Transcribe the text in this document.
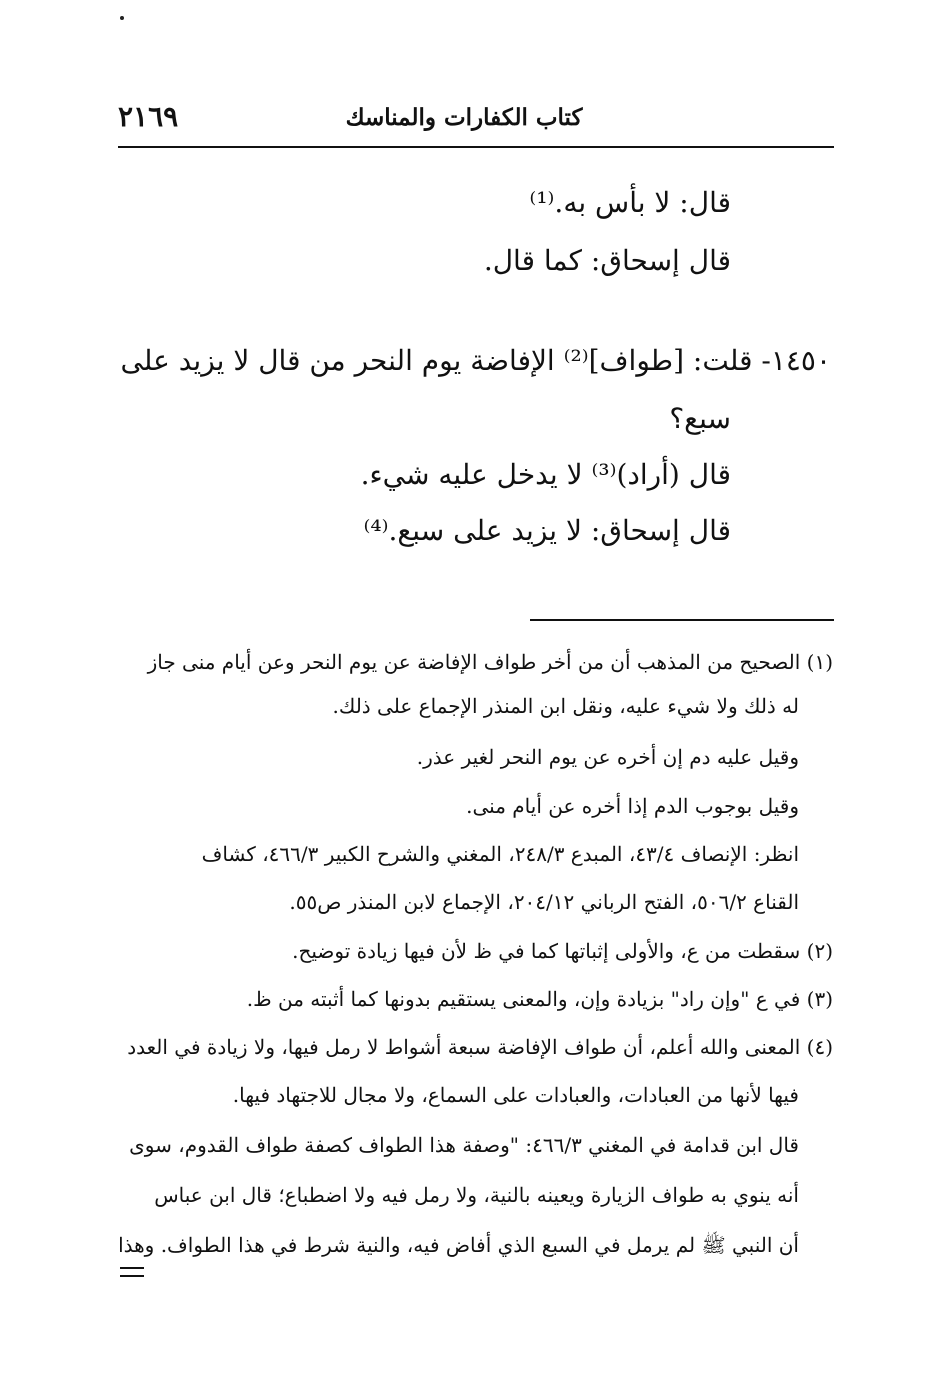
٢١٦٩	كتاب الكفارات والمناسك
قال: لا بأس به.⁽¹⁾
قال إسحاق: كما قال.
١٤٥٠- قلت: [طواف]⁽²⁾ الإفاضة يوم النحر من قال لا يزيد على
سبع؟
قال (أراد)⁽³⁾ لا يدخل عليه شيء.
قال إسحاق: لا يزيد على سبع.⁽⁴⁾
(١) الصحيح من المذهب أن من أخر طواف الإفاضة عن يوم النحر وعن أيام منى جاز
له ذلك ولا شيء عليه، ونقل ابن المنذر الإجماع على ذلك.
وقيل عليه دم إن أخره عن يوم النحر لغير عذر.
وقيل بوجوب الدم إذا أخره عن أيام منى.
انظر: الإنصاف ٤٣/٤، المبدع ٢٤٨/٣، المغني والشرح الكبير ٤٦٦/٣، كشاف
القناع ٥٠٦/٢، الفتح الرباني ٢٠٤/١٢، الإجماع لابن المنذر ص٥٥.
(٢) سقطت من ع، والأولى إثباتها كما في ظ لأن فيها زيادة توضيح.
(٣) في ع "وإن راد" بزيادة وإن، والمعنى يستقيم بدونها كما أثبته من ظ.
(٤) المعنى والله أعلم، أن طواف الإفاضة سبعة أشواط لا رمل فيها، ولا زيادة في العدد
فيها لأنها من العبادات، والعبادات على السماع، ولا مجال للاجتهاد فيها.
قال ابن قدامة في المغني ٤٦٦/٣: "وصفة هذا الطواف كصفة طواف القدوم، سوى
أنه ينوي به طواف الزيارة ويعينه بالنية، ولا رمل فيه ولا اضطباع؛ قال ابن عباس
أن النبي ﷺ لم يرمل في السبع الذي أفاض فيه، والنية شرط في هذا الطواف. وهذا
